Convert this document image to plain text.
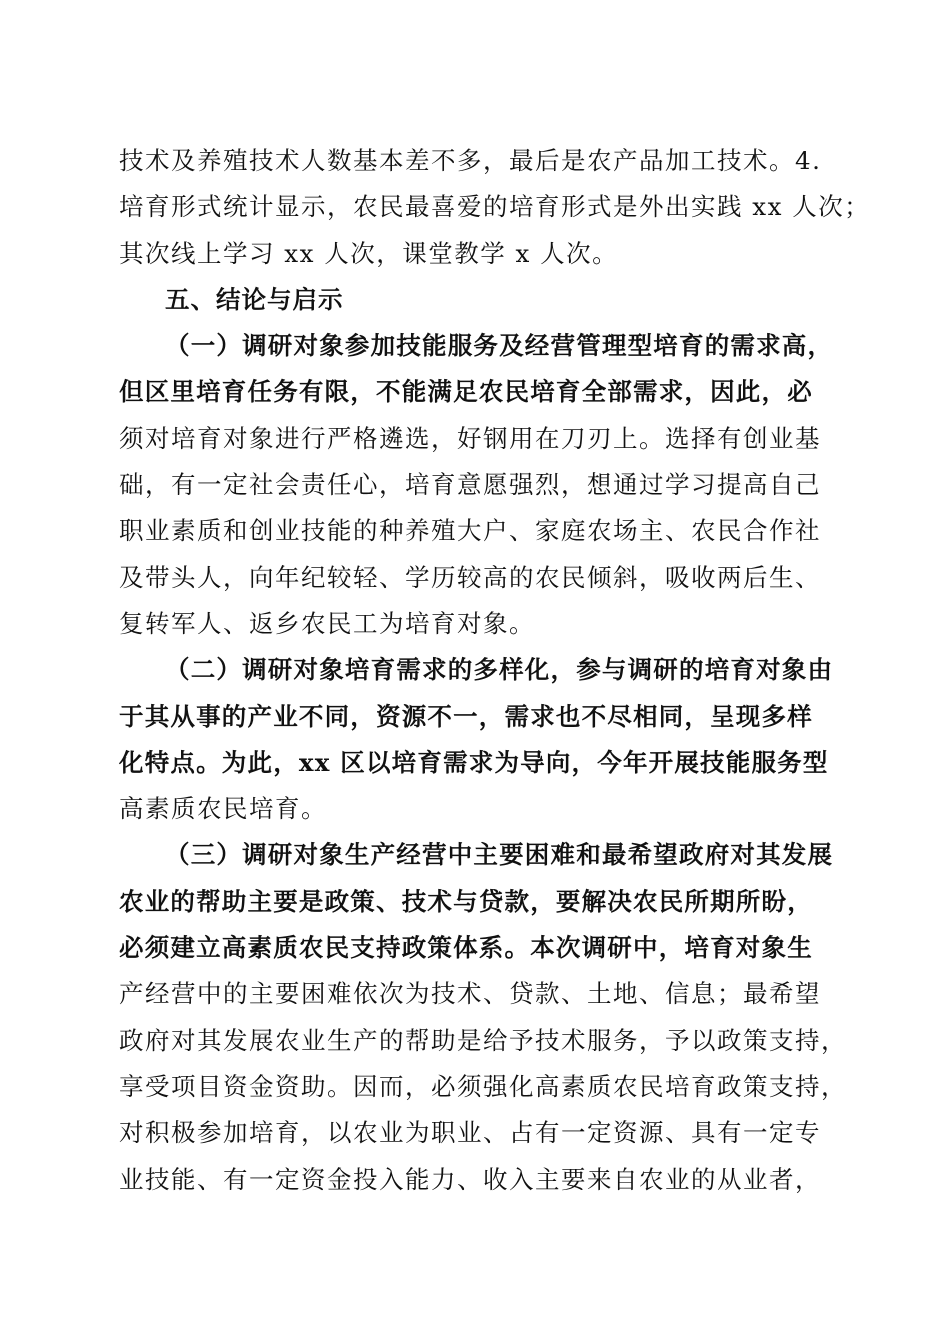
技术及养殖技术人数基本差不多，最后是农产品加工技术。4.
培育形式统计显示，农民最喜爱的培育形式是外出实践 xx 人次；
其次线上学习 xx 人次，课堂教学 x 人次。
五、结论与启示
（一）调研对象参加技能服务及经营管理型培育的需求高，
但区里培育任务有限，不能满足农民培育全部需求，因此，必
须对培育对象进行严格遴选，好钢用在刀刃上。选择有创业基
础，有一定社会责任心，培育意愿强烈，想通过学习提高自己
职业素质和创业技能的种养殖大户、家庭农场主、农民合作社
及带头人，向年纪较轻、学历较高的农民倾斜，吸收两后生、
复转军人、返乡农民工为培育对象。
（二）调研对象培育需求的多样化，参与调研的培育对象由
于其从事的产业不同，资源不一，需求也不尽相同，呈现多样
化特点。为此，xx 区以培育需求为导向，今年开展技能服务型
高素质农民培育。
（三）调研对象生产经营中主要困难和最希望政府对其发展
农业的帮助主要是政策、技术与贷款，要解决农民所期所盼，
必须建立高素质农民支持政策体系。本次调研中，培育对象生
产经营中的主要困难依次为技术、贷款、土地、信息；最希望
政府对其发展农业生产的帮助是给予技术服务，予以政策支持，
享受项目资金资助。因而，必须强化高素质农民培育政策支持，
对积极参加培育，以农业为职业、占有一定资源、具有一定专
业技能、有一定资金投入能力、收入主要来自农业的从业者，
